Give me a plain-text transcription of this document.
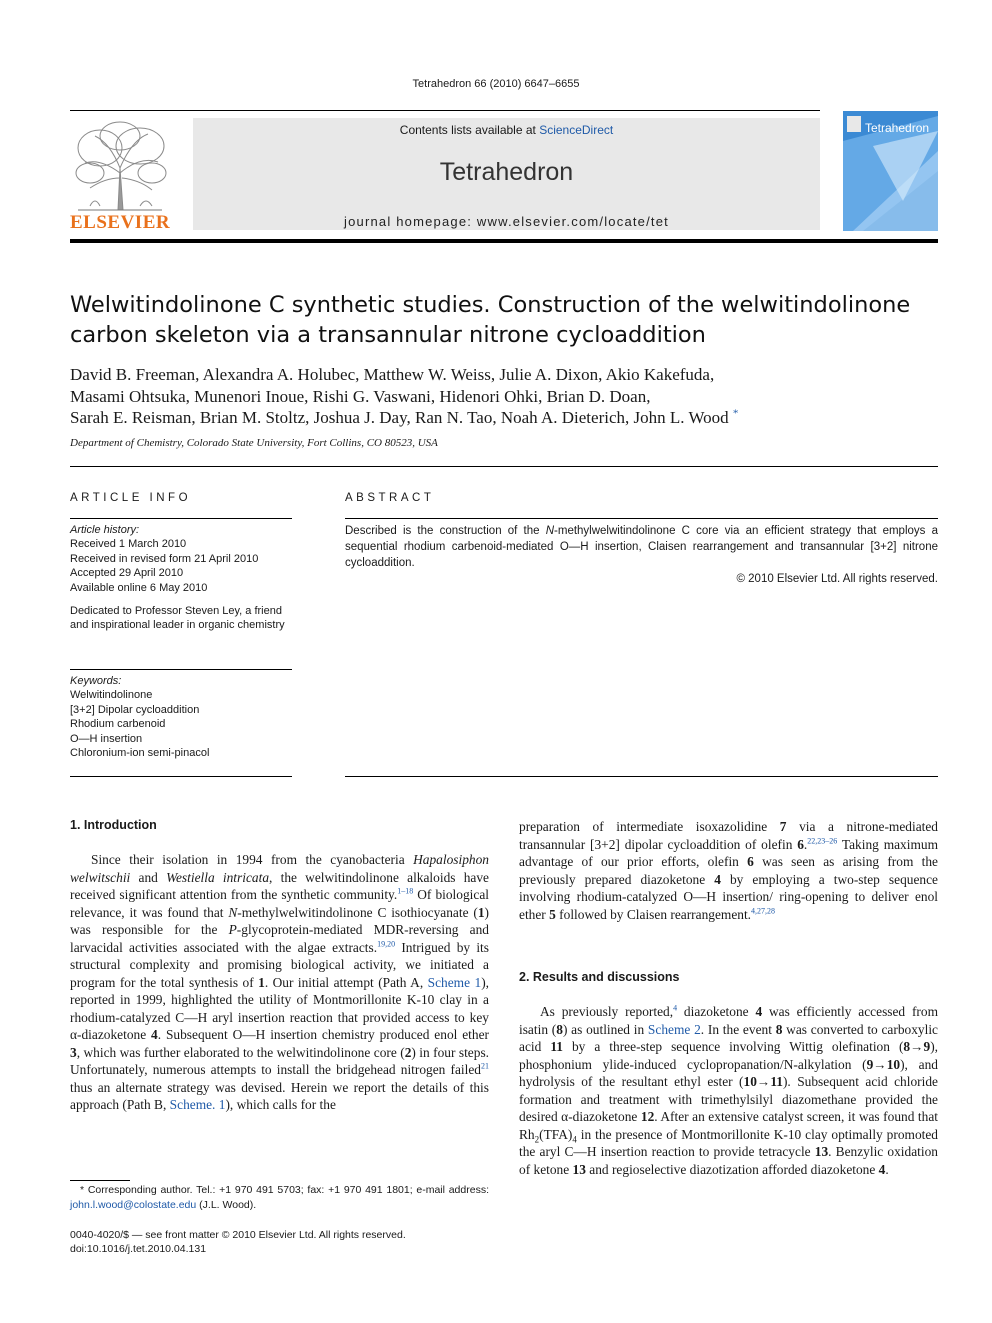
Tetrahedron 66 (2010) 6647–6655
ELSEVIER
Contents lists available at ScienceDirect
Tetrahedron
journal homepage: www.elsevier.com/locate/tet
Tetrahedron
Welwitindolinone C synthetic studies. Construction of the welwitindolinone carbon skeleton via a transannular nitrone cycloaddition
David B. Freeman, Alexandra A. Holubec, Matthew W. Weiss, Julie A. Dixon, Akio Kakefuda,
Masami Ohtsuka, Munenori Inoue, Rishi G. Vaswani, Hidenori Ohki, Brian D. Doan,
Sarah E. Reisman, Brian M. Stoltz, Joshua J. Day, Ran N. Tao, Noah A. Dieterich, John L. Wood *
Department of Chemistry, Colorado State University, Fort Collins, CO 80523, USA
ARTICLE INFO
Article history:
Received 1 March 2010
Received in revised form 21 April 2010
Accepted 29 April 2010
Available online 6 May 2010
Dedicated to Professor Steven Ley, a friend and inspirational leader in organic chemistry
Keywords:
Welwitindolinone
[3+2] Dipolar cycloaddition
Rhodium carbenoid
O—H insertion
Chloronium-ion semi-pinacol
ABSTRACT
Described is the construction of the N-methylwelwitindolinone C core via an efficient strategy that employs a sequential rhodium carbenoid-mediated O—H insertion, Claisen rearrangement and transannular [3+2] nitrone cycloaddition.
© 2010 Elsevier Ltd. All rights reserved.
1. Introduction
Since their isolation in 1994 from the cyanobacteria Hapalosiphon welwitschii and Westiella intricata, the welwitindolinone alkaloids have received significant attention from the synthetic community.$^{1-18}$ Of biological relevance, it was found that N-methylwelwitindolinone C isothiocyanate (1) was responsible for the P-glycoprotein-mediated MDR-reversing and larvacidal activities associated with the algae extracts.$^{19,20}$ Intrigued by its structural complexity and promising biological activity, we initiated a program for the total synthesis of 1. Our initial attempt (Path A, Scheme 1), reported in 1999, highlighted the utility of Montmorillonite K-10 clay in a rhodium-catalyzed C—H aryl insertion reaction that provided access to key α-diazoketone 4. Subsequent O—H insertion chemistry produced enol ether 3, which was further elaborated to the welwitindolinone core (2) in four steps. Unfortunately, numerous attempts to install the bridgehead nitrogen failed$^{21}$ thus an alternate strategy was devised. Herein we report the details of this approach (Path B, Scheme. 1), which calls for the
preparation of intermediate isoxazolidine 7 via a nitrone-mediated transannular [3+2] dipolar cycloaddition of olefin 6.$^{22,23-26}$ Taking maximum advantage of our prior efforts, olefin 6 was seen as arising from the previously prepared diazoketone 4 by employing a two-step sequence involving rhodium-catalyzed O—H insertion/ ring-opening to deliver enol ether 5 followed by Claisen rearrangement.$^{4,27,28}$
2. Results and discussions
As previously reported,$^4$ diazoketone 4 was efficiently accessed from isatin (8) as outlined in Scheme 2. In the event 8 was converted to carboxylic acid 11 by a three-step sequence involving Wittig olefination (8→9), phosphonium ylide-induced cyclopropanation/N-alkylation (9→10), and hydrolysis of the resultant ethyl ester (10→11). Subsequent acid chloride formation and treatment with trimethylsilyl diazomethane provided the desired α-diazoketone 12. After an extensive catalyst screen, it was found that $Rh_2(TFA)_4$ in the presence of Montmorillonite K-10 clay optimally promoted the aryl C—H insertion reaction to provide tetracycle 13. Benzylic oxidation of ketone 13 and regioselective diazotization afforded diazoketone 4.
* Corresponding author. Tel.: +1 970 491 5703; fax: +1 970 491 1801; e-mail address: john.l.wood@colostate.edu (J.L. Wood).
0040-4020/$ — see front matter © 2010 Elsevier Ltd. All rights reserved.
doi:10.1016/j.tet.2010.04.131
